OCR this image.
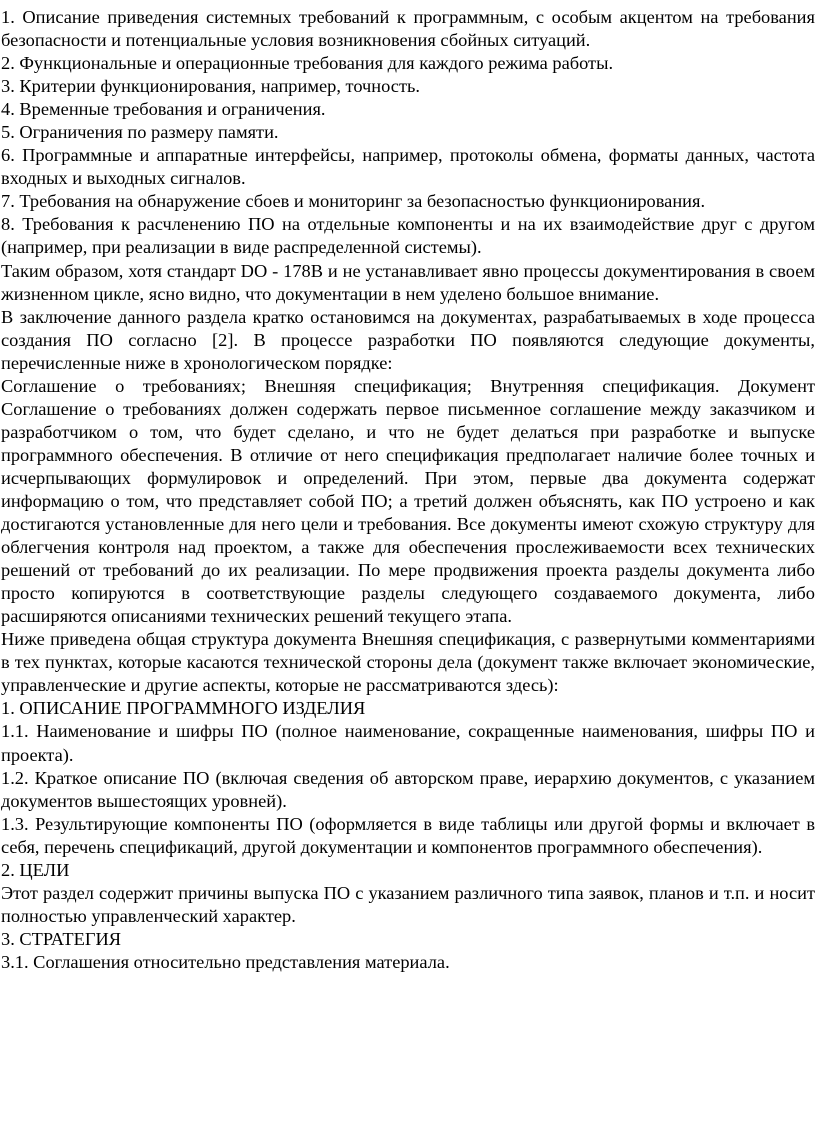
1. Описание приведения системных требований к программным, с особым акцентом на требования безопасности и потенциальные условия возникновения сбойных ситуаций.

2. Функциональные и операционные требования для каждого режима работы.

3. Критерии функционирования, например, точность.

4. Временные требования и ограничения.

5. Ограничения по размеру памяти.

6. Программные и аппаратные интерфейсы, например, протоколы обмена, форматы данных, частота входных и выходных сигналов.

7. Требования на обнаружение сбоев и мониторинг за безопасностью функционирования.

8. Требования к расчленению ПО на отдельные компоненты и на их взаимодействие друг с другом (например, при реализации в виде распределенной системы).

Таким образом, хотя стандарт DO - 178B и не устанавливает явно процессы документирования в своем жизненном цикле, ясно видно, что документации в нем уделено большое внимание.

В заключение данного раздела кратко остановимся на документах, разрабатываемых в ходе процесса создания ПО согласно [2]. В процессе разработки ПО появляются следующие документы, перечисленные ниже в хронологическом порядке:

Соглашение о требованиях; Внешняя спецификация; Внутренняя спецификация. Документ Соглашение о требованиях должен содержать первое письменное соглашение между заказчиком и разработчиком о том, что будет сделано, и что не будет делаться при разработке и выпуске программного обеспечения. В отличие от него спецификация предполагает наличие более точных и исчерпывающих формулировок и определений. При этом, первые два документа содержат информацию о том, что представляет собой ПО; а третий должен объяснять, как ПО устроено и как достигаются установленные для него цели и требования. Все документы имеют схожую структуру для облегчения контроля над проектом, а также для обеспечения прослеживаемости всех технических решений от требований до их реализации. По мере продвижения проекта разделы документа либо просто копируются в соответствующие разделы следующего создаваемого документа, либо расширяются описаниями технических решений текущего этапа.

Ниже приведена общая структура документа Внешняя спецификация, с развернутыми комментариями в тех пунктах, которые касаются технической стороны дела (документ также включает экономические, управленческие и другие аспекты, которые не рассматриваются здесь):

1. ОПИСАНИЕ ПРОГРАММНОГО ИЗДЕЛИЯ

1.1. Наименование и шифры ПО (полное наименование, сокращенные наименования, шифры ПО и проекта).

1.2. Краткое описание ПО (включая сведения об авторском праве, иерархию документов, с указанием документов вышестоящих уровней).

1.3. Результирующие компоненты ПО (оформляется в виде таблицы или другой формы и включает в себя, перечень спецификаций, другой документации и компонентов программного обеспечения).

2. ЦЕЛИ

Этот раздел содержит причины выпуска ПО с указанием различного типа заявок, планов и т.п. и носит полностью управленческий характер.

3. СТРАТЕГИЯ

3.1. Соглашения относительно представления материала.
